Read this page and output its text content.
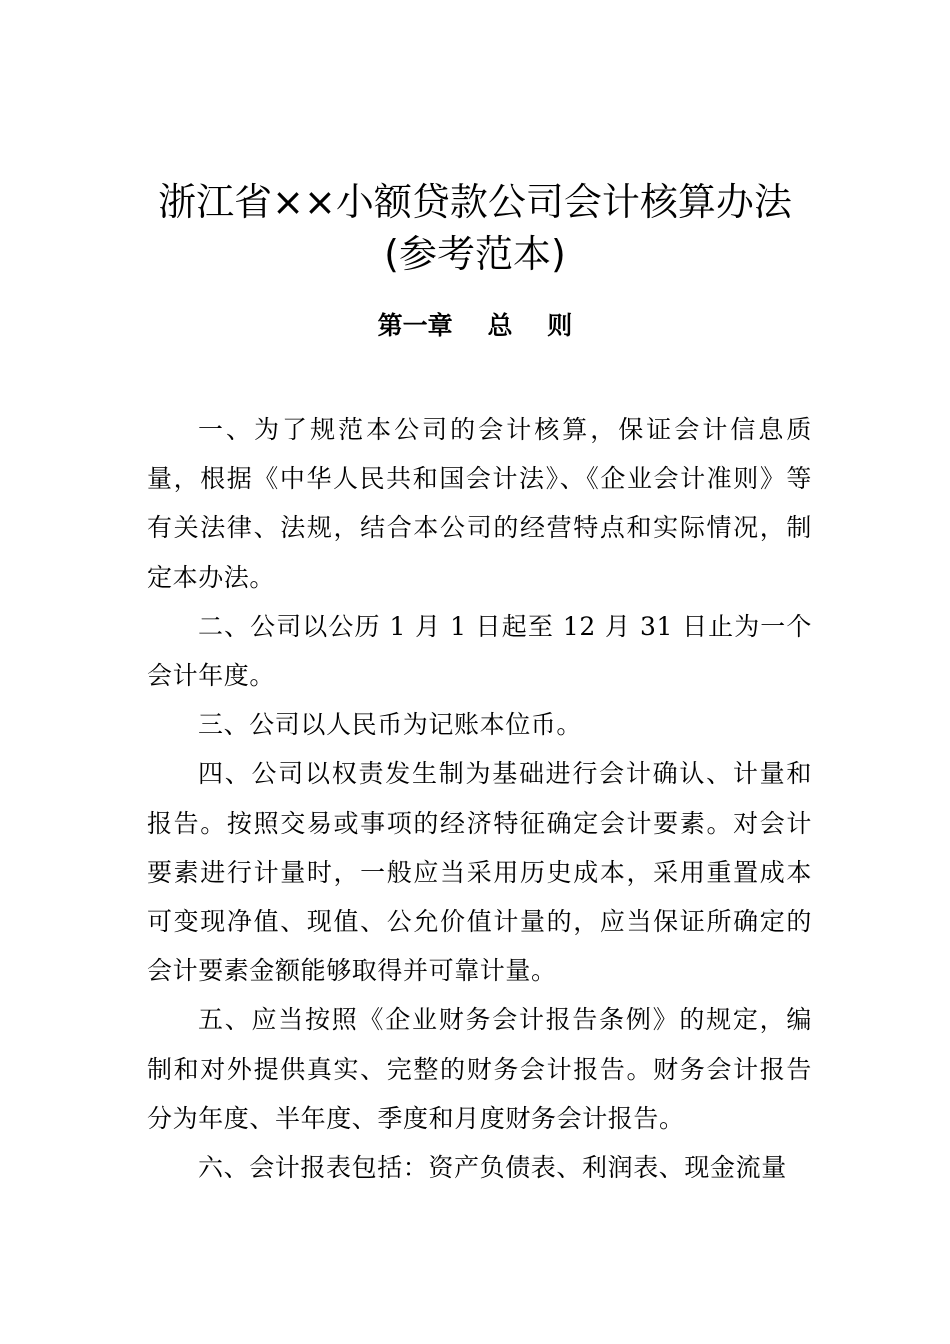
浙江省××小额贷款公司会计核算办法
(参考范本)
第一章    总    则

一、为了规范本公司的会计核算，保证会计信息质量，根据《中华人民共和国会计法》、《企业会计准则》等有关法律、法规，结合本公司的经营特点和实际情况，制定本办法。

二、公司以公历 1 月 1 日起至 12 月 31 日止为一个会计年度。

三、公司以人民币为记账本位币。

四、公司以权责发生制为基础进行会计确认、计量和报告。按照交易或事项的经济特征确定会计要素。对会计要素进行计量时，一般应当采用历史成本，采用重置成本可变现净值、现值、公允价值计量的，应当保证所确定的会计要素金额能够取得并可靠计量。

五、应当按照《企业财务会计报告条例》的规定，编制和对外提供真实、完整的财务会计报告。财务会计报告分为年度、半年度、季度和月度财务会计报告。

六、会计报表包括：资产负债表、利润表、现金流量
